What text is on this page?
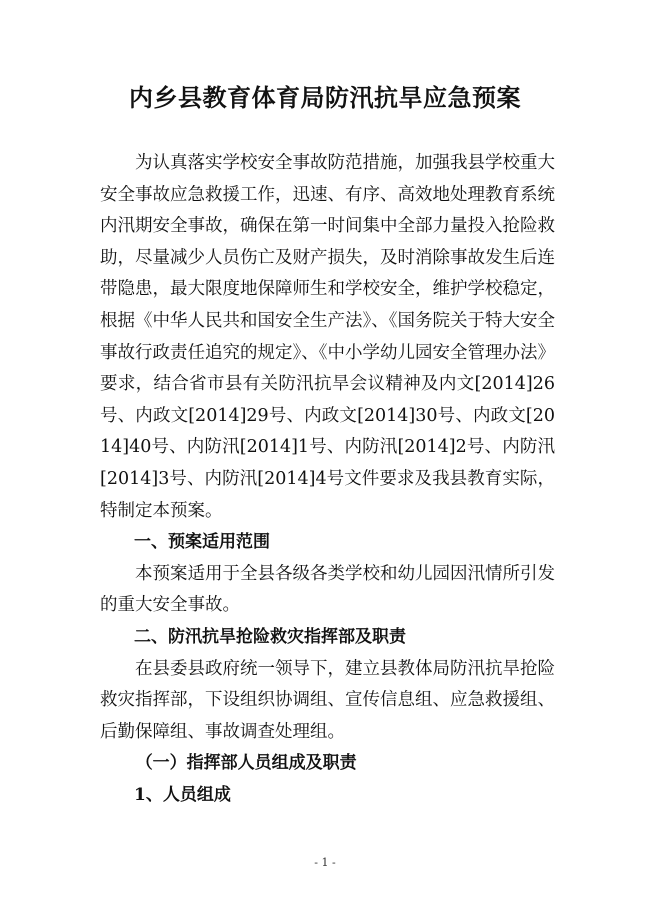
内乡县教育体育局防汛抗旱应急预案

为认真落实学校安全事故防范措施，加强我县学校重大安全事故应急救援工作，迅速、有序、高效地处理教育系统内汛期安全事故，确保在第一时间集中全部力量投入抢险救助，尽量减少人员伤亡及财产损失，及时消除事故发生后连带隐患，最大限度地保障师生和学校安全，维护学校稳定，根据《中华人民共和国安全生产法》、《国务院关于特大安全事故行政责任追究的规定》、《中小学幼儿园安全管理办法》要求，结合省市县有关防汛抗旱会议精神及内文[2014]26号、内政文[2014]29号、内政文[2014]30号、内政文[2014]40号、内防汛[2014]1号、内防汛[2014]2号、内防汛[2014]3号、内防汛[2014]4号文件要求及我县教育实际，特制定本预案。

一、预案适用范围

本预案适用于全县各级各类学校和幼儿园因汛情所引发的重大安全事故。

二、防汛抗旱抢险救灾指挥部及职责

在县委县政府统一领导下，建立县教体局防汛抗旱抢险救灾指挥部，下设组织协调组、宣传信息组、应急救援组、后勤保障组、事故调查处理组。

（一）指挥部人员组成及职责

1、人员组成

- 1 -
